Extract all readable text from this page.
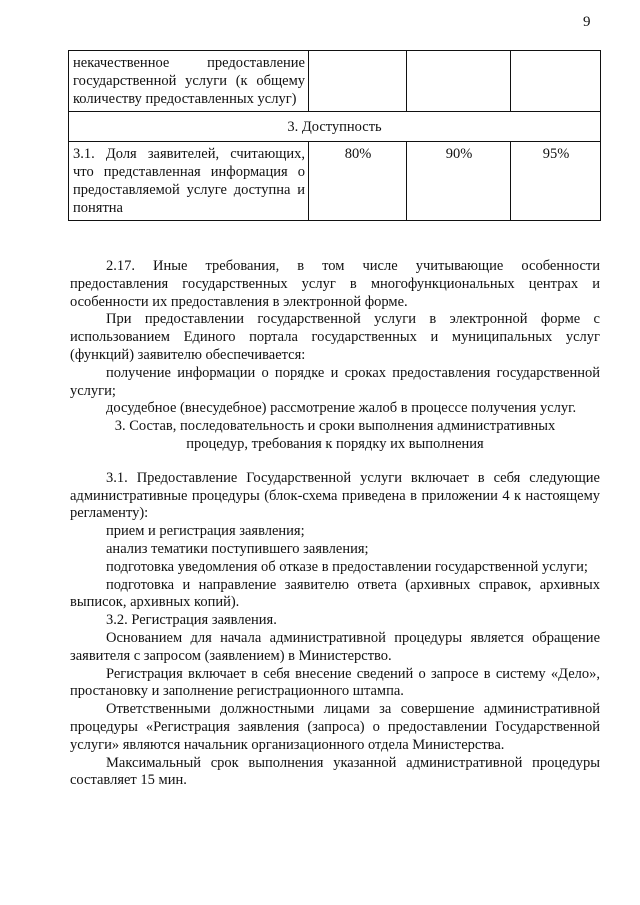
9
некачественное предоставление государственной услуги (к общему количеству предоставленных услуг)			
3. Доступность			
3.1. Доля заявителей, считающих, что представленная информация о предоставляемой услуге доступна и понятна	80%	90%	95%

2.17. Иные требования, в том числе учитывающие особенности предоставления государственных услуг в многофункциональных центрах и особенности их предоставления в электронной форме.

При предоставлении государственной услуги в электронной форме с использованием Единого портала государственных и муниципальных услуг (функций) заявителю обеспечивается:

получение информации о порядке и сроках предоставления государственной услуги;

досудебное (внесудебное) рассмотрение жалоб в процессе получения услуг.

3. Состав, последовательность и сроки выполнения административных процедур, требования к порядку их выполнения

3.1. Предоставление Государственной услуги включает в себя следующие административные процедуры (блок-схема приведена в приложении 4 к настоящему регламенту):

прием и регистрация заявления;

анализ тематики поступившего заявления;

подготовка уведомления об отказе в предоставлении государственной услуги;

подготовка и направление заявителю ответа (архивных справок, архивных выписок, архивных копий).

3.2. Регистрация заявления.

Основанием для начала административной процедуры является обращение заявителя с запросом (заявлением) в Министерство.

Регистрация включает в себя внесение сведений о запросе в систему «Дело», простановку и заполнение регистрационного штампа.

Ответственными должностными лицами за совершение административной процедуры «Регистрация заявления (запроса) о предоставлении Государственной услуги» являются начальник организационного отдела Министерства.

Максимальный срок выполнения указанной административной процедуры составляет 15 мин.
